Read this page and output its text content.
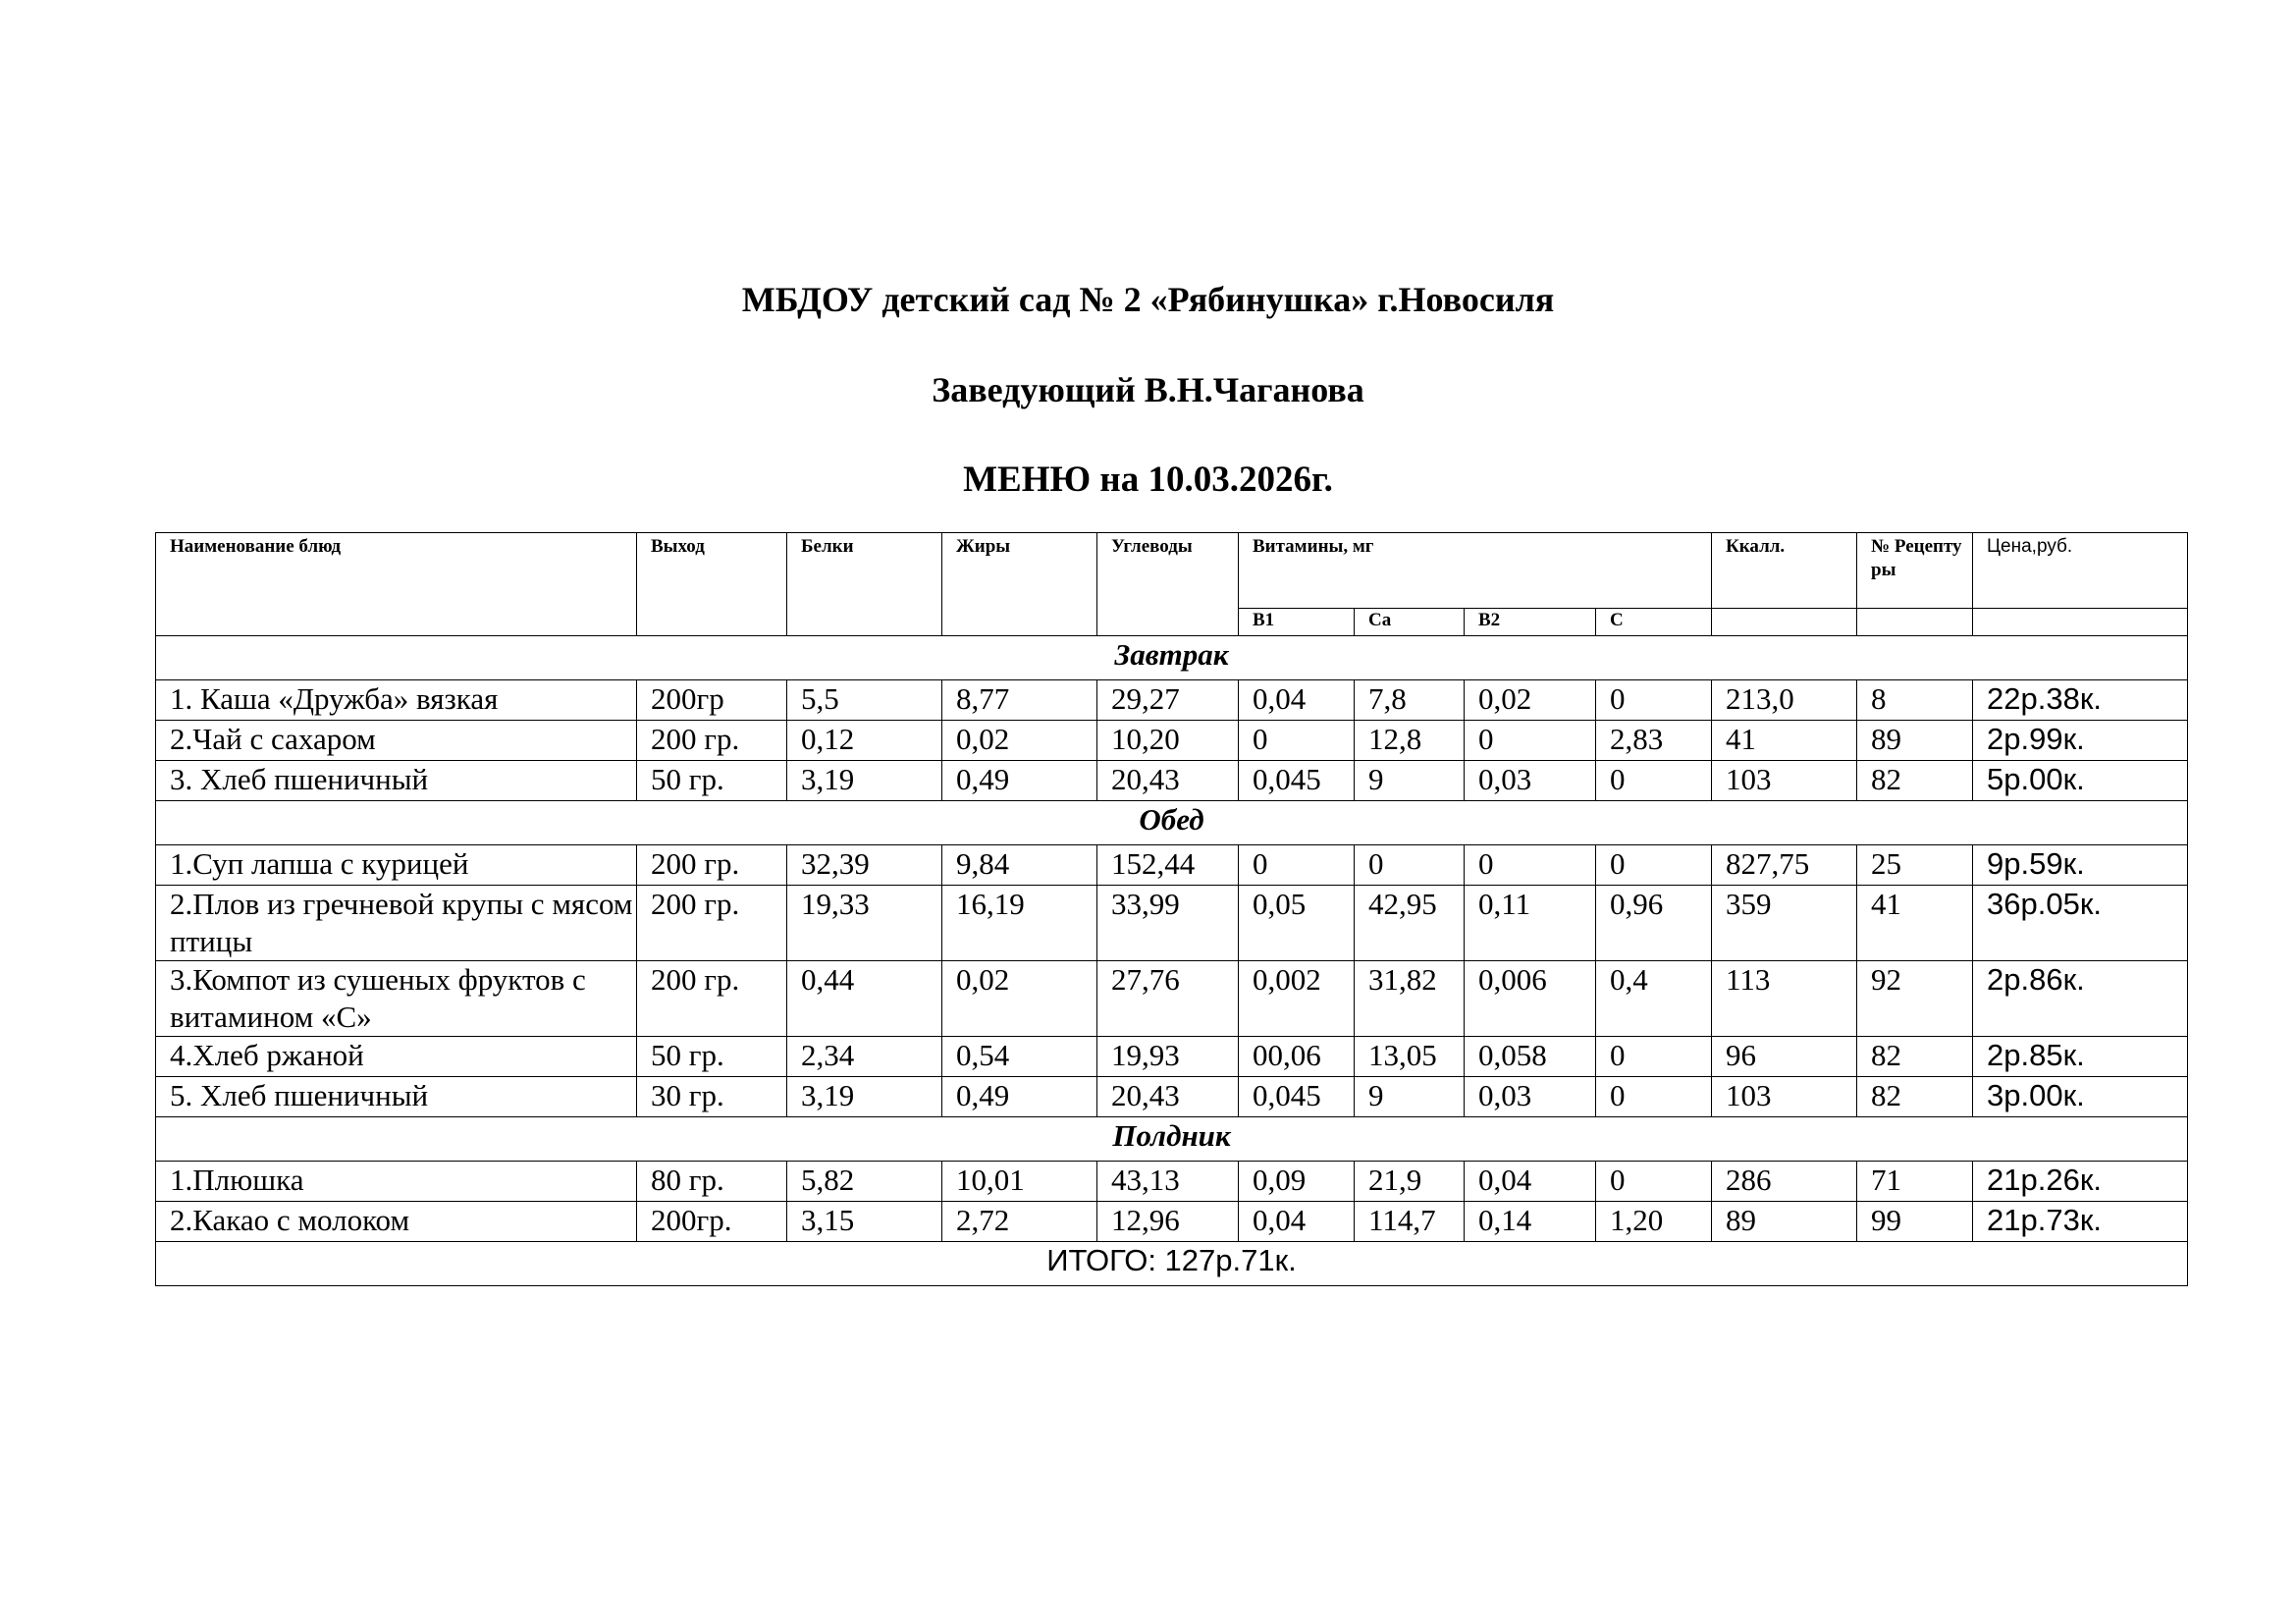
МБДОУ детский сад № 2 «Рябинушка» г.Новосиля
Заведующий В.Н.Чаганова
МЕНЮ на 10.03.2026г.
Наименование блюд	Выход	Белки	Жиры	Углеводы	Витамины, мг				Ккалл.	№ Рецепту ры	Цена,руб.
					В1	Са	В2	С			
Завтрак											
1. Каша «Дружба» вязкая	200гр	5,5	8,77	29,27	0,04	7,8	0,02	0	213,0	8	22р.38к.
2.Чай с сахаром	200 гр.	0,12	0,02	10,20	0	12,8	0	2,83	41	89	2р.99к.
3. Хлеб пшеничный	50 гр.	3,19	0,49	20,43	0,045	9	0,03	0	103	82	5р.00к.
Обед											
1.Суп лапша с курицей	200 гр.	32,39	9,84	152,44	0	0	0	0	827,75	25	9р.59к.
2.Плов из гречневой крупы с мясом птицы	200 гр.	19,33	16,19	33,99	0,05	42,95	0,11	0,96	359	41	36р.05к.
3.Компот из сушеных фруктов с витамином «С»	200 гр.	0,44	0,02	27,76	0,002	31,82	0,006	0,4	113	92	2р.86к.
4.Хлеб ржаной	50 гр.	2,34	0,54	19,93	00,06	13,05	0,058	0	96	82	2р.85к.
5. Хлеб пшеничный	30 гр.	3,19	0,49	20,43	0,045	9	0,03	0	103	82	3р.00к.
Полдник											
1.Плюшка	80 гр.	5,82	10,01	43,13	0,09	21,9	0,04	0	286	71	21р.26к.
2.Какао с молоком	200гр.	3,15	2,72	12,96	0,04	114,7	0,14	1,20	89	99	21р.73к.
ИТОГО: 127р.71к.											
